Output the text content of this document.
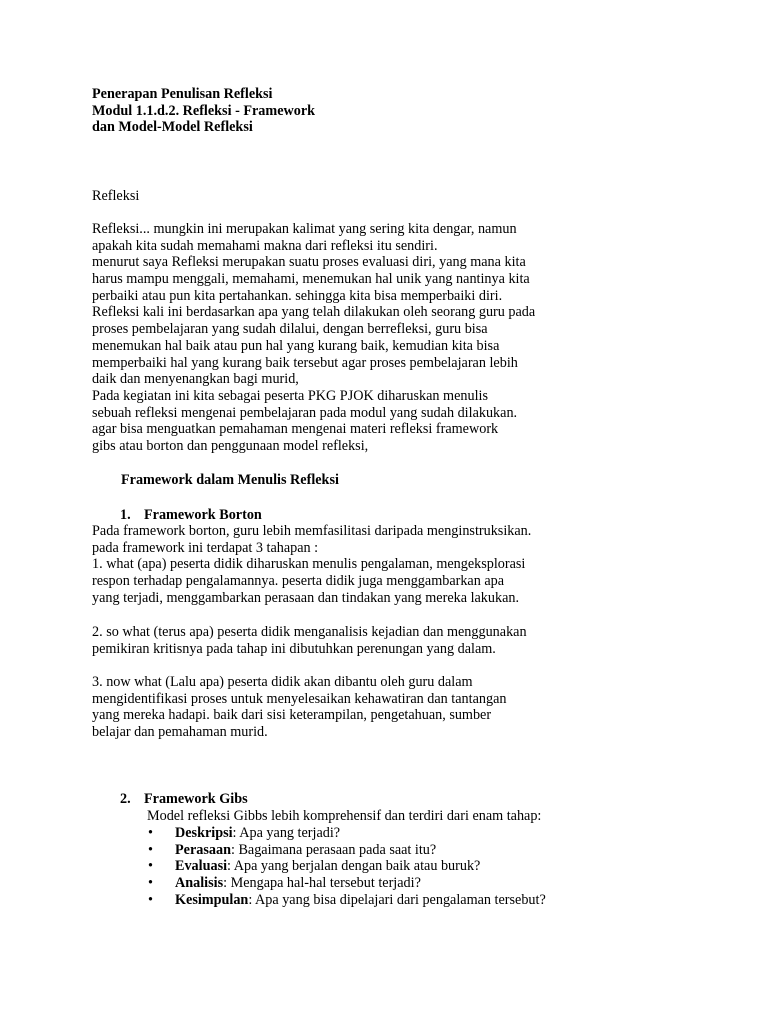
Penerapan Penulisan Refleksi
Modul 1.1.d.2. Refleksi - Framework
dan Model-Model Refleksi
Refleksi
Refleksi... mungkin ini merupakan kalimat yang sering kita dengar, namun
apakah kita sudah memahami makna dari refleksi itu sendiri.
menurut saya Refleksi merupakan suatu proses evaluasi diri, yang mana kita
harus mampu menggali, memahami, menemukan hal unik yang nantinya kita
perbaiki atau pun kita pertahankan. sehingga kita bisa memperbaiki diri.
Refleksi kali ini berdasarkan apa yang telah dilakukan oleh seorang guru pada
proses pembelajaran yang sudah dilalui, dengan berrefleksi, guru bisa
menemukan hal baik atau pun hal yang kurang baik, kemudian kita bisa
memperbaiki hal yang kurang baik tersebut agar proses pembelajaran lebih
daik dan menyenangkan bagi murid,
Pada kegiatan ini kita sebagai peserta PKG PJOK diharuskan menulis
sebuah refleksi mengenai pembelajaran pada modul yang sudah dilakukan.
agar bisa menguatkan pemahaman mengenai materi refleksi framework
gibs atau borton dan penggunaan model refleksi,
Framework dalam Menulis Refleksi
1. Framework Borton
Pada framework borton, guru lebih memfasilitasi daripada menginstruksikan.
pada framework ini terdapat 3 tahapan :
1. what (apa) peserta didik diharuskan menulis pengalaman, mengeksplorasi
respon terhadap pengalamannya. peserta didik juga menggambarkan apa
yang terjadi, menggambarkan perasaan dan tindakan yang mereka lakukan.
2. so what (terus apa) peserta didik menganalisis kejadian dan menggunakan
pemikiran kritisnya pada tahap ini dibutuhkan perenungan yang dalam.
3. now what (Lalu apa) peserta didik akan dibantu oleh guru dalam
mengidentifikasi proses untuk menyelesaikan kehawatiran dan tantangan
yang mereka hadapi. baik dari sisi keterampilan, pengetahuan, sumber
belajar dan pemahaman murid.
2. Framework Gibs
Model refleksi Gibbs lebih komprehensif dan terdiri dari enam tahap:
• Deskripsi: Apa yang terjadi?
• Perasaan: Bagaimana perasaan pada saat itu?
• Evaluasi: Apa yang berjalan dengan baik atau buruk?
• Analisis: Mengapa hal-hal tersebut terjadi?
• Kesimpulan: Apa yang bisa dipelajari dari pengalaman tersebut?
